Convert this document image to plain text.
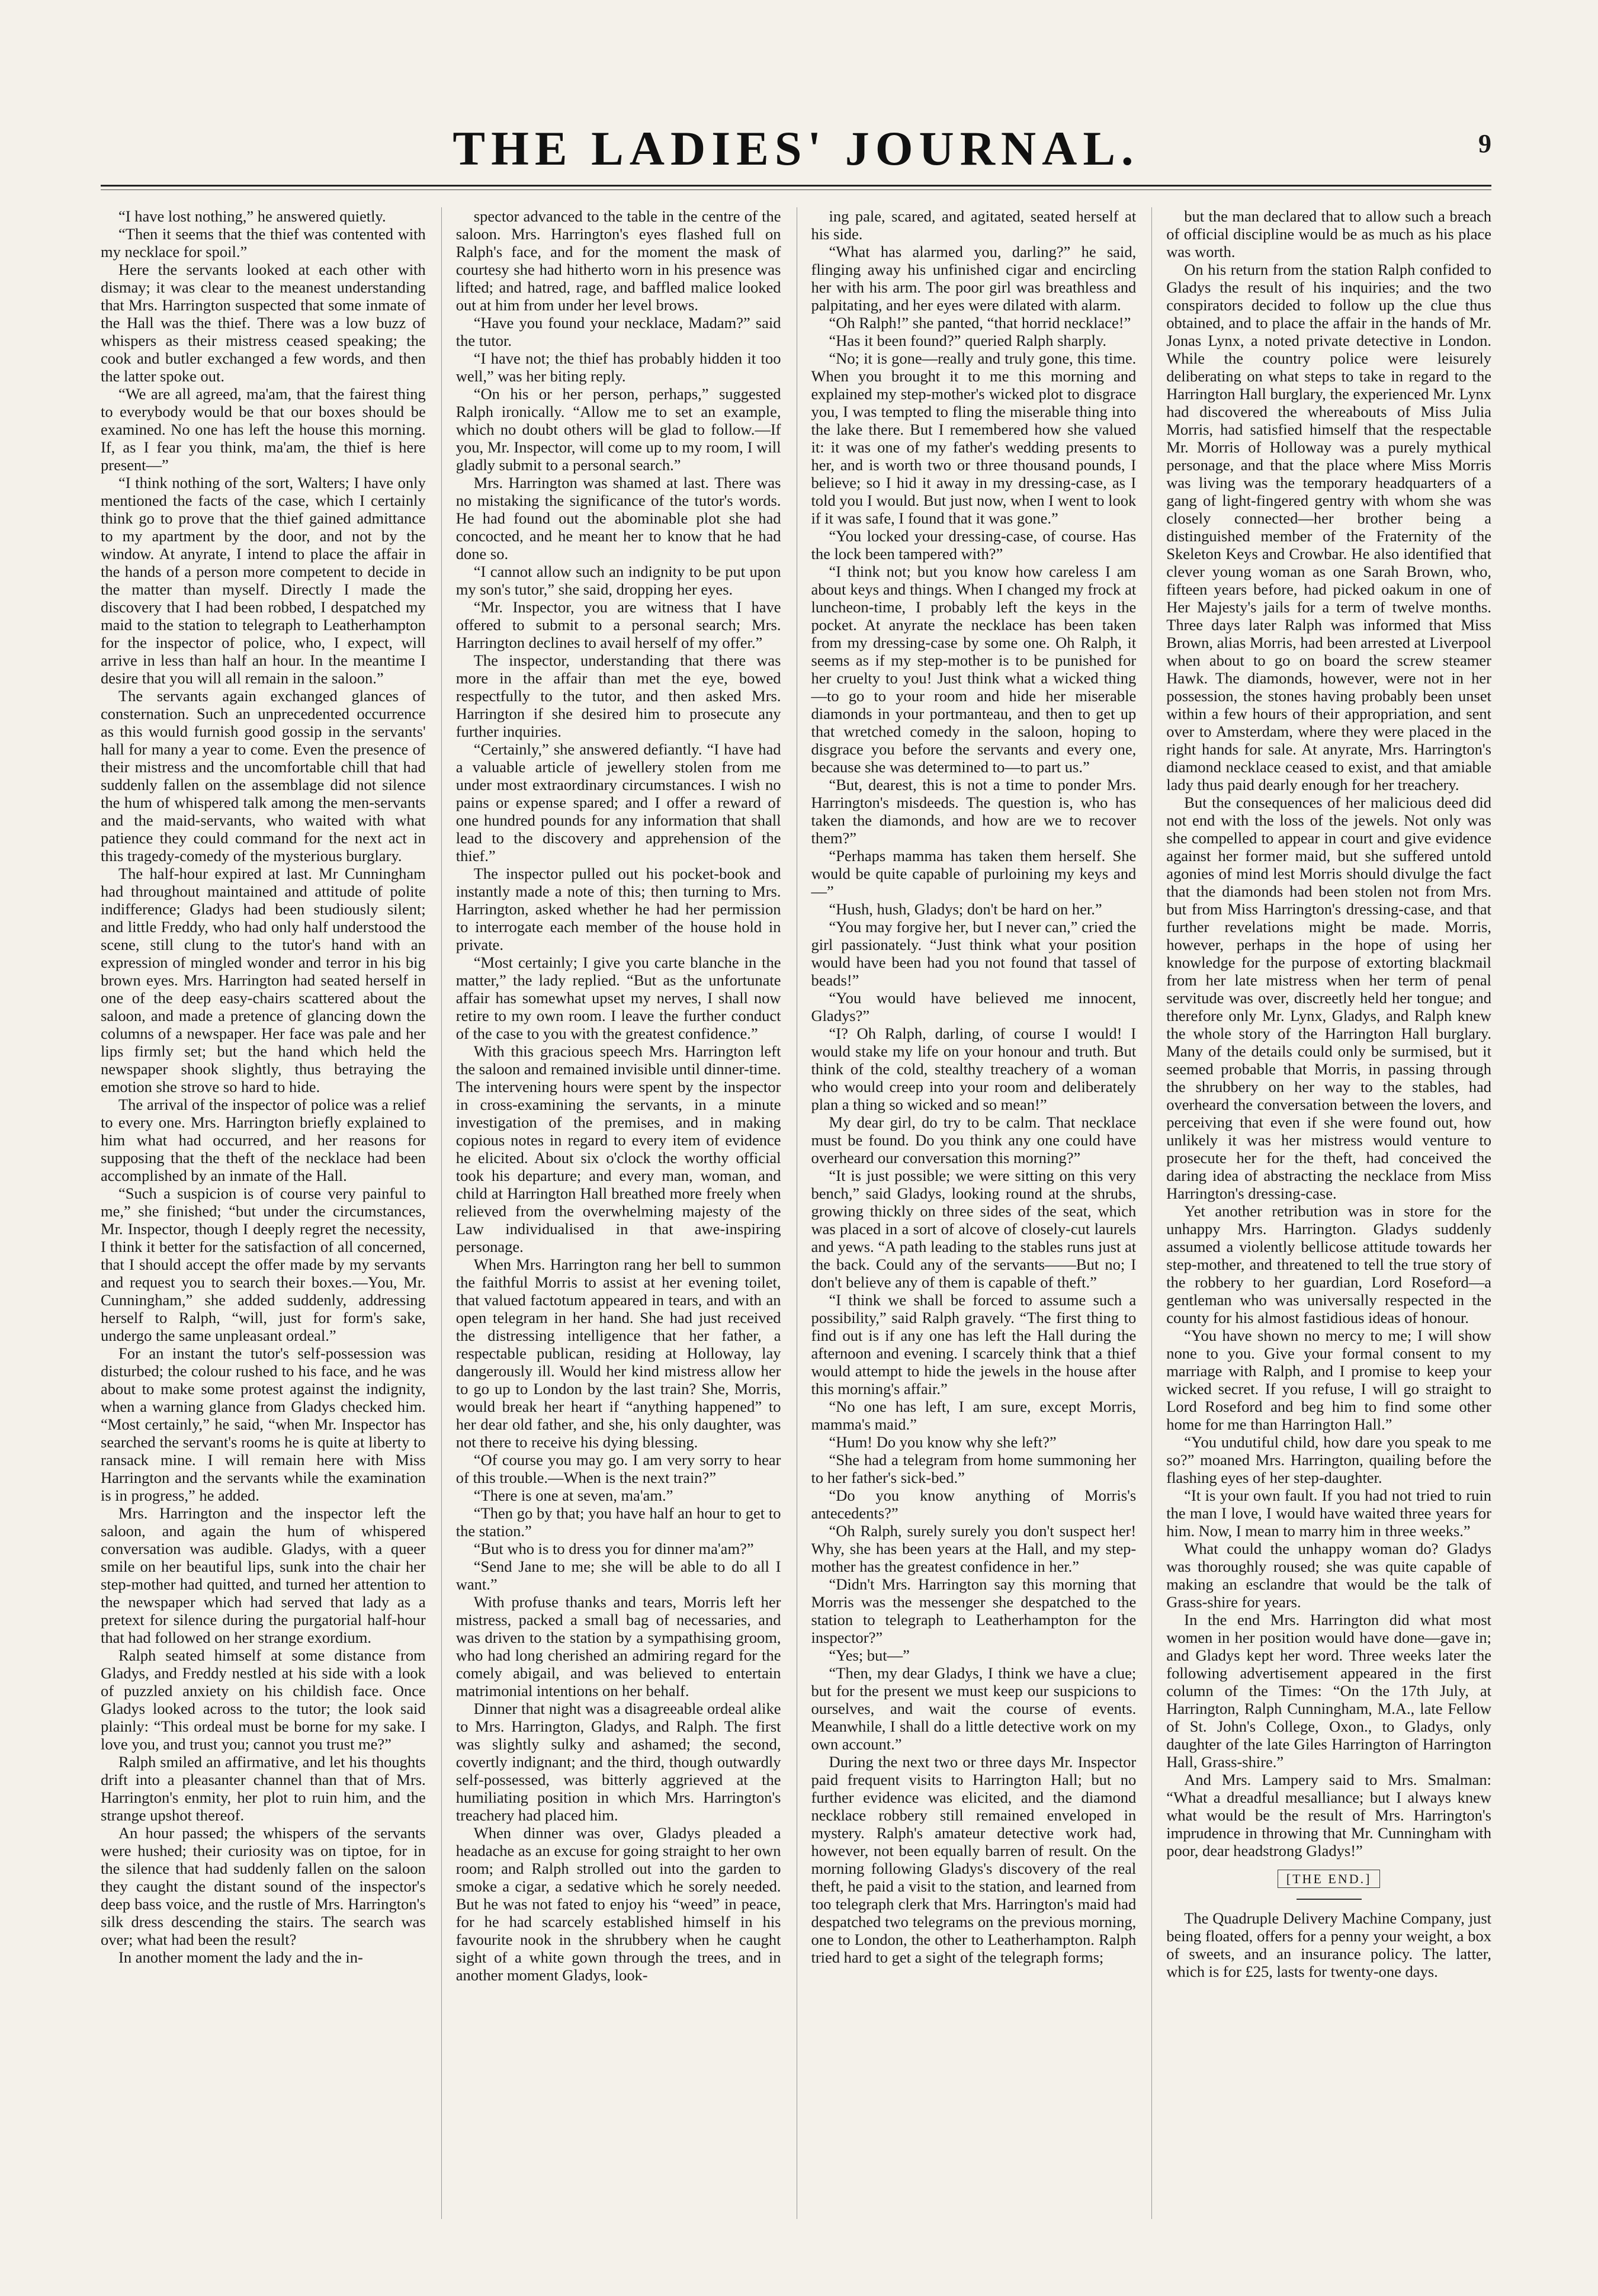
THE LADIES' JOURNAL.	9

“I have lost nothing,” he answered quietly.

“Then it seems that the thief was contented with my necklace for spoil.”

Here the servants looked at each other with dismay; it was clear to the meanest understanding that Mrs. Harrington suspected that some inmate of the Hall was the thief. There was a low buzz of whispers as their mistress ceased speaking; the cook and butler exchanged a few words, and then the latter spoke out.

“We are all agreed, ma'am, that the fairest thing to everybody would be that our boxes should be examined. No one has left the house this morning. If, as I fear you think, ma'am, the thief is here present—”

“I think nothing of the sort, Walters; I have only mentioned the facts of the case, which I certainly think go to prove that the thief gained admittance to my apartment by the door, and not by the window. At anyrate, I intend to place the affair in the hands of a person more competent to decide in the matter than myself. Directly I made the discovery that I had been robbed, I despatched my maid to the station to telegraph to Leatherhampton for the inspector of police, who, I expect, will arrive in less than half an hour. In the meantime I desire that you will all remain in the saloon.”

The servants again exchanged glances of consternation. Such an unprecedented occurrence as this would furnish good gossip in the servants' hall for many a year to come. Even the presence of their mistress and the uncomfortable chill that had suddenly fallen on the assemblage did not silence the hum of whispered talk among the men-servants and the maid-servants, who waited with what patience they could command for the next act in this tragedy-comedy of the mysterious burglary.

The half-hour expired at last. Mr Cunningham had throughout maintained and attitude of polite indifference; Gladys had been studiously silent; and little Freddy, who had only half understood the scene, still clung to the tutor's hand with an expression of mingled wonder and terror in his big brown eyes. Mrs. Harrington had seated herself in one of the deep easy-chairs scattered about the saloon, and made a pretence of glancing down the columns of a newspaper. Her face was pale and her lips firmly set; but the hand which held the newspaper shook slightly, thus betraying the emotion she strove so hard to hide.

The arrival of the inspector of police was a relief to every one. Mrs. Harrington briefly explained to him what had occurred, and her reasons for supposing that the theft of the necklace had been accomplished by an inmate of the Hall.

“Such a suspicion is of course very painful to me,” she finished; “but under the circumstances, Mr. Inspector, though I deeply regret the necessity, I think it better for the satisfaction of all concerned, that I should accept the offer made by my servants and request you to search their boxes.—You, Mr. Cunningham,” she added suddenly, addressing herself to Ralph, “will, just for form's sake, undergo the same unpleasant ordeal.”

For an instant the tutor's self-possession was disturbed; the colour rushed to his face, and he was about to make some protest against the indignity, when a warning glance from Gladys checked him. “Most certainly,” he said, “when Mr. Inspector has searched the servant's rooms he is quite at liberty to ransack mine. I will remain here with Miss Harrington and the servants while the examination is in progress,” he added.

Mrs. Harrington and the inspector left the saloon, and again the hum of whispered conversation was audible. Gladys, with a queer smile on her beautiful lips, sunk into the chair her step-mother had quitted, and turned her attention to the newspaper which had served that lady as a pretext for silence during the purgatorial half-hour that had followed on her strange exordium.

Ralph seated himself at some distance from Gladys, and Freddy nestled at his side with a look of puzzled anxiety on his childish face. Once Gladys looked across to the tutor; the look said plainly: “This ordeal must be borne for my sake. I love you, and trust you; cannot you trust me?”

Ralph smiled an affirmative, and let his thoughts drift into a pleasanter channel than that of Mrs. Harrington's enmity, her plot to ruin him, and the strange upshot thereof.

An hour passed; the whispers of the servants were hushed; their curiosity was on tiptoe, for in the silence that had suddenly fallen on the saloon they caught the distant sound of the inspector's deep bass voice, and the rustle of Mrs. Harrington's silk dress descending the stairs. The search was over; what had been the result?

In another moment the lady and the in-

spector advanced to the table in the centre of the saloon. Mrs. Harrington's eyes flashed full on Ralph's face, and for the moment the mask of courtesy she had hitherto worn in his presence was lifted; and hatred, rage, and baffled malice looked out at him from under her level brows.

“Have you found your necklace, Madam?” said the tutor.

“I have not; the thief has probably hidden it too well,” was her biting reply.

“On his or her person, perhaps,” suggested Ralph ironically. “Allow me to set an example, which no doubt others will be glad to follow.—If you, Mr. Inspector, will come up to my room, I will gladly submit to a personal search.”

Mrs. Harrington was shamed at last. There was no mistaking the significance of the tutor's words. He had found out the abominable plot she had concocted, and he meant her to know that he had done so.

“I cannot allow such an indignity to be put upon my son's tutor,” she said, dropping her eyes.

“Mr. Inspector, you are witness that I have offered to submit to a personal search; Mrs. Harrington declines to avail herself of my offer.”

The inspector, understanding that there was more in the affair than met the eye, bowed respectfully to the tutor, and then asked Mrs. Harrington if she desired him to prosecute any further inquiries.

“Certainly,” she answered defiantly. “I have had a valuable article of jewellery stolen from me under most extraordinary circumstances. I wish no pains or expense spared; and I offer a reward of one hundred pounds for any information that shall lead to the discovery and apprehension of the thief.”

The inspector pulled out his pocket-book and instantly made a note of this; then turning to Mrs. Harrington, asked whether he had her permission to interrogate each member of the house hold in private.

“Most certainly; I give you carte blanche in the matter,” the lady replied. “But as the unfortunate affair has somewhat upset my nerves, I shall now retire to my own room. I leave the further conduct of the case to you with the greatest confidence.”

With this gracious speech Mrs. Harrington left the saloon and remained invisible until dinner-time. The intervening hours were spent by the inspector in cross-examining the servants, in a minute investigation of the premises, and in making copious notes in regard to every item of evidence he elicited. About six o'clock the worthy official took his departure; and every man, woman, and child at Harrington Hall breathed more freely when relieved from the overwhelming majesty of the Law individualised in that awe-inspiring personage.

When Mrs. Harrington rang her bell to summon the faithful Morris to assist at her evening toilet, that valued factotum appeared in tears, and with an open telegram in her hand. She had just received the distressing intelligence that her father, a respectable publican, residing at Holloway, lay dangerously ill. Would her kind mistress allow her to go up to London by the last train? She, Morris, would break her heart if “anything happened” to her dear old father, and she, his only daughter, was not there to receive his dying blessing.

“Of course you may go. I am very sorry to hear of this trouble.—When is the next train?”

“There is one at seven, ma'am.”

“Then go by that; you have half an hour to get to the station.”

“But who is to dress you for dinner ma'am?”

“Send Jane to me; she will be able to do all I want.”

With profuse thanks and tears, Morris left her mistress, packed a small bag of necessaries, and was driven to the station by a sympathising groom, who had long cherished an admiring regard for the comely abigail, and was believed to entertain matrimonial intentions on her behalf.

Dinner that night was a disagreeable ordeal alike to Mrs. Harrington, Gladys, and Ralph. The first was slightly sulky and ashamed; the second, covertly indignant; and the third, though outwardly self-possessed, was bitterly aggrieved at the humiliating position in which Mrs. Harrington's treachery had placed him.

When dinner was over, Gladys pleaded a headache as an excuse for going straight to her own room; and Ralph strolled out into the garden to smoke a cigar, a sedative which he sorely needed. But he was not fated to enjoy his “weed” in peace, for he had scarcely established himself in his favourite nook in the shrubbery when he caught sight of a white gown through the trees, and in another moment Gladys, look-

ing pale, scared, and agitated, seated herself at his side.

“What has alarmed you, darling?” he said, flinging away his unfinished cigar and encircling her with his arm. The poor girl was breathless and palpitating, and her eyes were dilated with alarm.

“Oh Ralph!” she panted, “that horrid necklace!”

“Has it been found?” queried Ralph sharply.

“No; it is gone—really and truly gone, this time. When you brought it to me this morning and explained my step-mother's wicked plot to disgrace you, I was tempted to fling the miserable thing into the lake there. But I remembered how she valued it: it was one of my father's wedding presents to her, and is worth two or three thousand pounds, I believe; so I hid it away in my dressing-case, as I told you I would. But just now, when I went to look if it was safe, I found that it was gone.”

“You locked your dressing-case, of course. Has the lock been tampered with?”

“I think not; but you know how careless I am about keys and things. When I changed my frock at luncheon-time, I probably left the keys in the pocket. At anyrate the necklace has been taken from my dressing-case by some one. Oh Ralph, it seems as if my step-mother is to be punished for her cruelty to you! Just think what a wicked thing—to go to your room and hide her miserable diamonds in your portmanteau, and then to get up that wretched comedy in the saloon, hoping to disgrace you before the servants and every one, because she was determined to—to part us.”

“But, dearest, this is not a time to ponder Mrs. Harrington's misdeeds. The question is, who has taken the diamonds, and how are we to recover them?”

“Perhaps mamma has taken them herself. She would be quite capable of purloining my keys and—”

“Hush, hush, Gladys; don't be hard on her.”

“You may forgive her, but I never can,” cried the girl passionately. “Just think what your position would have been had you not found that tassel of beads!”

“You would have believed me innocent, Gladys?”

“I? Oh Ralph, darling, of course I would! I would stake my life on your honour and truth. But think of the cold, stealthy treachery of a woman who would creep into your room and deliberately plan a thing so wicked and so mean!”

My dear girl, do try to be calm. That necklace must be found. Do you think any one could have overheard our conversation this morning?”

“It is just possible; we were sitting on this very bench,” said Gladys, looking round at the shrubs, growing thickly on three sides of the seat, which was placed in a sort of alcove of closely-cut laurels and yews. “A path leading to the stables runs just at the back. Could any of the servants——But no; I don't believe any of them is capable of theft.”

“I think we shall be forced to assume such a possibility,” said Ralph gravely. “The first thing to find out is if any one has left the Hall during the afternoon and evening. I scarcely think that a thief would attempt to hide the jewels in the house after this morning's affair.”

“No one has left, I am sure, except Morris, mamma's maid.”

“Hum! Do you know why she left?”

“She had a telegram from home summoning her to her father's sick-bed.”

“Do you know anything of Morris's antecedents?”

“Oh Ralph, surely surely you don't suspect her! Why, she has been years at the Hall, and my step-mother has the greatest confidence in her.”

“Didn't Mrs. Harrington say this morning that Morris was the messenger she despatched to the station to telegraph to Leatherhampton for the inspector?”

“Yes; but—”

“Then, my dear Gladys, I think we have a clue; but for the present we must keep our suspicions to ourselves, and wait the course of events. Meanwhile, I shall do a little detective work on my own account.”

During the next two or three days Mr. Inspector paid frequent visits to Harrington Hall; but no further evidence was elicited, and the diamond necklace robbery still remained enveloped in mystery. Ralph's amateur detective work had, however, not been equally barren of result. On the morning following Gladys's discovery of the real theft, he paid a visit to the station, and learned from too telegraph clerk that Mrs. Harrington's maid had despatched two telegrams on the previous morning, one to London, the other to Leatherhampton. Ralph tried hard to get a sight of the telegraph forms;

but the man declared that to allow such a breach of official discipline would be as much as his place was worth.

On his return from the station Ralph confided to Gladys the result of his inquiries; and the two conspirators decided to follow up the clue thus obtained, and to place the affair in the hands of Mr. Jonas Lynx, a noted private detective in London. While the country police were leisurely deliberating on what steps to take in regard to the Harrington Hall burglary, the experienced Mr. Lynx had discovered the whereabouts of Miss Julia Morris, had satisfied himself that the respectable Mr. Morris of Holloway was a purely mythical personage, and that the place where Miss Morris was living was the temporary headquarters of a gang of light-fingered gentry with whom she was closely connected—her brother being a distinguished member of the Fraternity of the Skeleton Keys and Crowbar. He also identified that clever young woman as one Sarah Brown, who, fifteen years before, had picked oakum in one of Her Majesty's jails for a term of twelve months. Three days later Ralph was informed that Miss Brown, alias Morris, had been arrested at Liverpool when about to go on board the screw steamer Hawk. The diamonds, however, were not in her possession, the stones having probably been unset within a few hours of their appropriation, and sent over to Amsterdam, where they were placed in the right hands for sale. At anyrate, Mrs. Harrington's diamond necklace ceased to exist, and that amiable lady thus paid dearly enough for her treachery.

But the consequences of her malicious deed did not end with the loss of the jewels. Not only was she compelled to appear in court and give evidence against her former maid, but she suffered untold agonies of mind lest Morris should divulge the fact that the diamonds had been stolen not from Mrs. but from Miss Harrington's dressing-case, and that further revelations might be made. Morris, however, perhaps in the hope of using her knowledge for the purpose of extorting blackmail from her late mistress when her term of penal servitude was over, discreetly held her tongue; and therefore only Mr. Lynx, Gladys, and Ralph knew the whole story of the Harrington Hall burglary. Many of the details could only be surmised, but it seemed probable that Morris, in passing through the shrubbery on her way to the stables, had overheard the conversation between the lovers, and perceiving that even if she were found out, how unlikely it was her mistress would venture to prosecute her for the theft, had conceived the daring idea of abstracting the necklace from Miss Harrington's dressing-case.

Yet another retribution was in store for the unhappy Mrs. Harrington. Gladys suddenly assumed a violently bellicose attitude towards her step-mother, and threatened to tell the true story of the robbery to her guardian, Lord Roseford—a gentleman who was universally respected in the county for his almost fastidious ideas of honour.

“You have shown no mercy to me; I will show none to you. Give your formal consent to my marriage with Ralph, and I promise to keep your wicked secret. If you refuse, I will go straight to Lord Roseford and beg him to find some other home for me than Harrington Hall.”

“You undutiful child, how dare you speak to me so?” moaned Mrs. Harrington, quailing before the flashing eyes of her step-daughter.

“It is your own fault. If you had not tried to ruin the man I love, I would have waited three years for him. Now, I mean to marry him in three weeks.”

What could the unhappy woman do? Gladys was thoroughly roused; she was quite capable of making an esclandre that would be the talk of Grass-shire for years.

In the end Mrs. Harrington did what most women in her position would have done—gave in; and Gladys kept her word. Three weeks later the following advertisement appeared in the first column of the Times: “On the 17th July, at Harrington, Ralph Cunningham, M.A., late Fellow of St. John's College, Oxon., to Gladys, only daughter of the late Giles Harrington of Harrington Hall, Grass-shire.”

And Mrs. Lampery said to Mrs. Smalman: “What a dreadful mesalliance; but I always knew what would be the result of Mrs. Harrington's imprudence in throwing that Mr. Cunningham with poor, dear headstrong Gladys!”

[THE END.]

The Quadruple Delivery Machine Company, just being floated, offers for a penny your weight, a box of sweets, and an insurance policy. The latter, which is for £25, lasts for twenty-one days.
